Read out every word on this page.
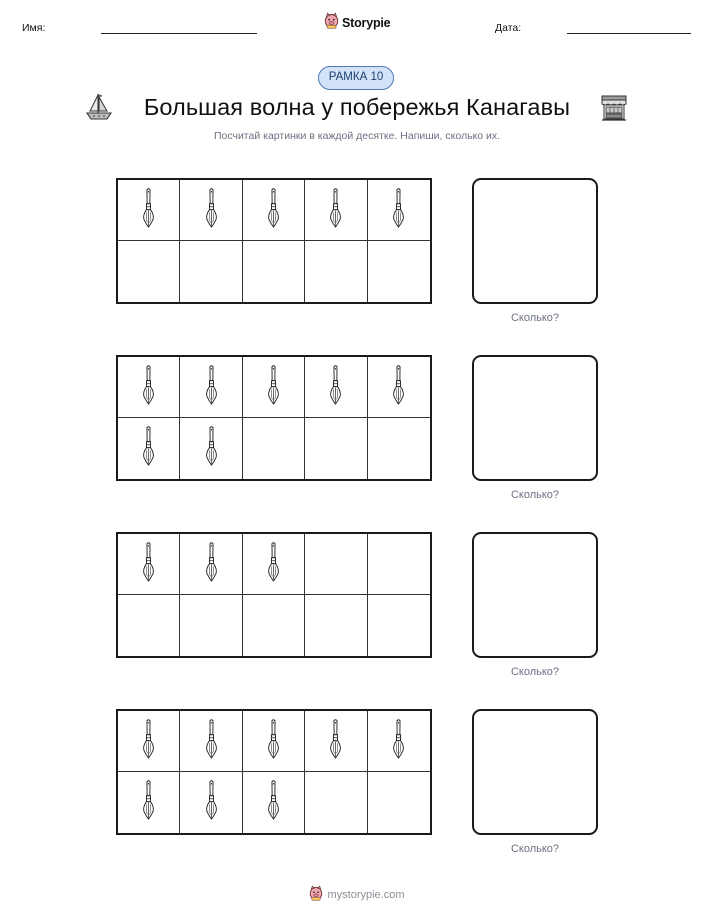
Имя:	Storypie	Дата:
РАМКА 10
Большая волна у побережья Канагавы
Посчитай картинки в каждой десятке. Напиши, сколько их.
Сколько?
Сколько?
Сколько?
Сколько?
mystorypie.com
